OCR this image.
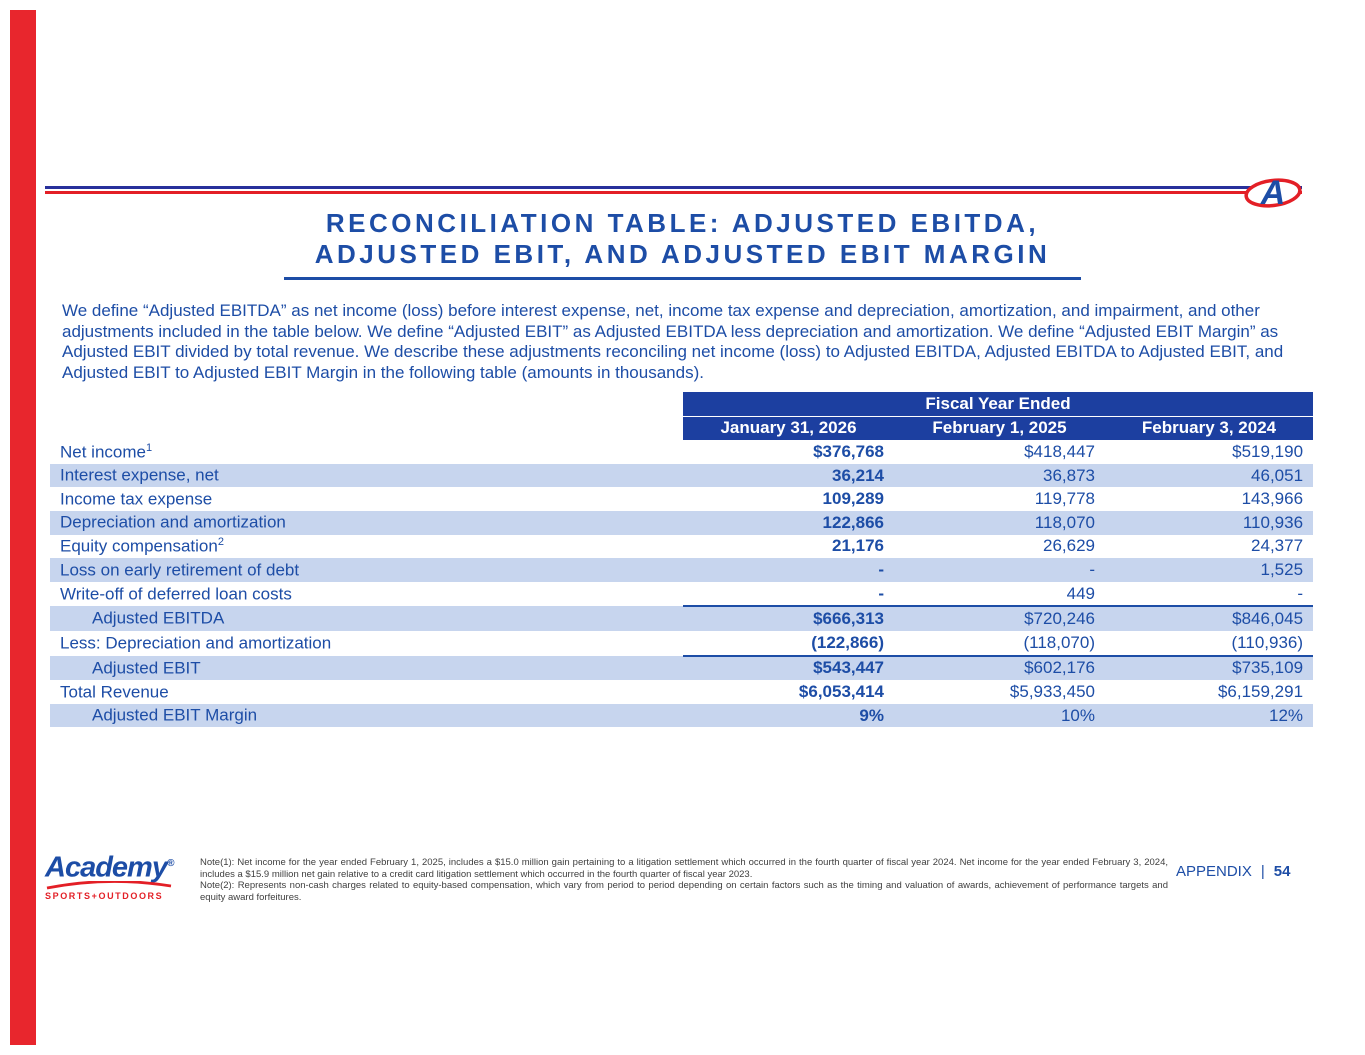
A
RECONCILIATION TABLE: ADJUSTED EBITDA,
ADJUSTED EBIT, AND ADJUSTED EBIT MARGIN
We define “Adjusted EBITDA” as net income (loss) before interest expense, net, income tax expense and depreciation, amortization, and impairment, and other adjustments included in the table below. We define “Adjusted EBIT” as Adjusted EBITDA less depreciation and amortization. We define “Adjusted EBIT Margin” as Adjusted EBIT divided by total revenue. We describe these adjustments reconciling net income (loss) to Adjusted EBITDA, Adjusted EBITDA to Adjusted EBIT, and Adjusted EBIT to Adjusted EBIT Margin in the following table (amounts in thousands).
	Fiscal Year Ended		
	January 31, 2026	February 1, 2025	February 3, 2024
Net income$^1$	$376,768	$418,447	$519,190
Interest expense, net	36,214	36,873	46,051
Income tax expense	109,289	119,778	143,966
Depreciation and amortization	122,866	118,070	110,936
Equity compensation$^2$	21,176	26,629	24,377
Loss on early retirement of debt	-	-	1,525
Write-off of deferred loan costs	-	449	-
Adjusted EBITDA	$666,313	$720,246	$846,045
Less: Depreciation and amortization	(122,866)	(118,070)	(110,936)
Adjusted EBIT	$543,447	$602,176	$735,109
Total Revenue	$6,053,414	$5,933,450	$6,159,291
Adjusted EBIT Margin	9%	10%	12%
Academy®
SPORTS+OUTDOORS

Note(1): Net income for the year ended February 1, 2025, includes a $15.0 million gain pertaining to a litigation settlement which occurred in the fourth quarter of fiscal year 2024. Net income for the year ended February 3, 2024, includes a $15.9 million net gain relative to a credit card litigation settlement which occurred in the fourth quarter of fiscal year 2023.

Note(2): Represents non-cash charges related to equity-based compensation, which vary from period to period depending on certain factors such as the timing and valuation of awards, achievement of performance targets and equity award forfeitures.

APPENDIX | 54
